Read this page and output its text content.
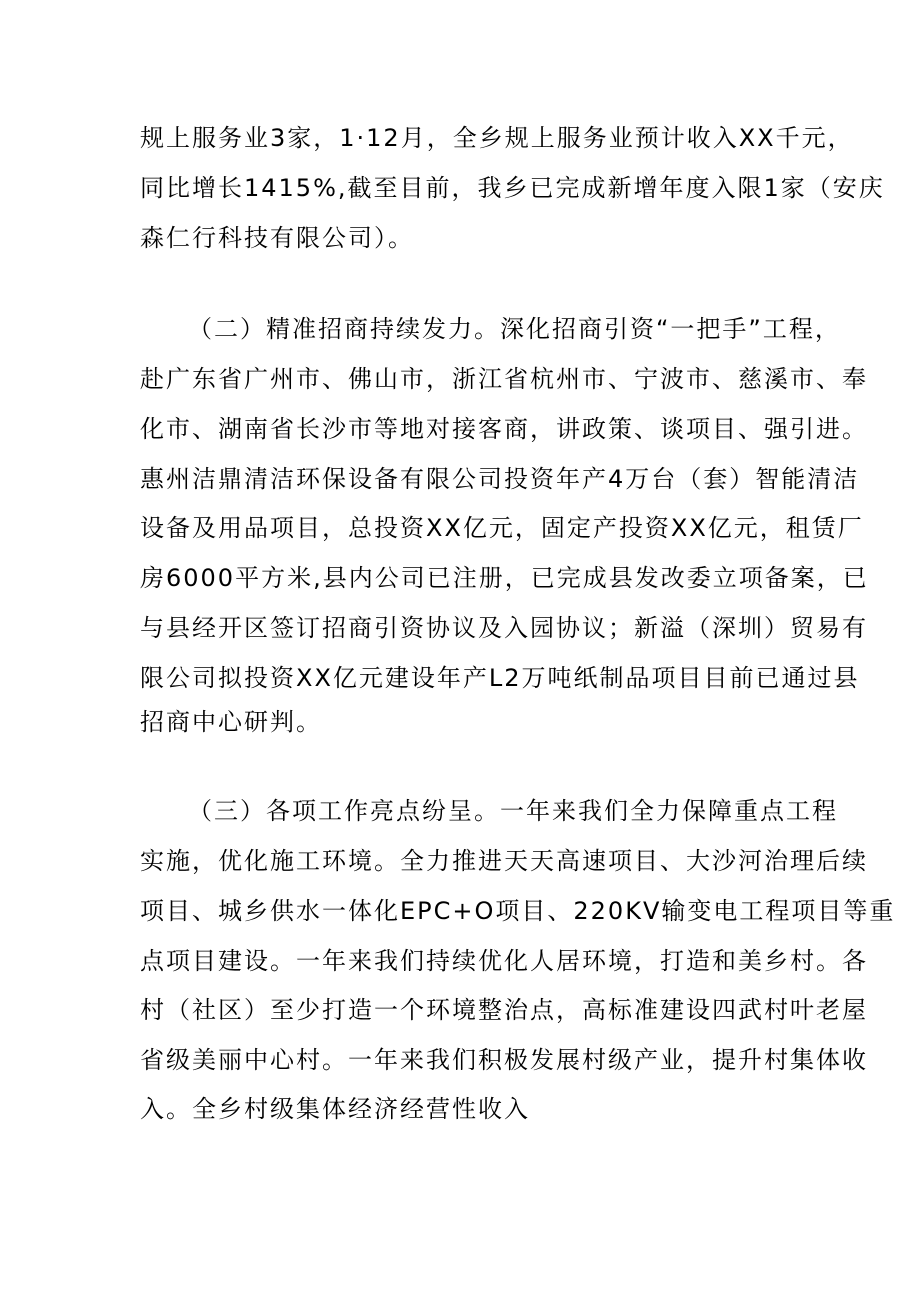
规上服务业3家，1·12月，全乡规上服务业预计收入XX千元，
同比增长1415%,截至目前，我乡已完成新增年度入限1家（安庆
森仁行科技有限公司）。
（二）精准招商持续发力。深化招商引资“一把手”工程，
赴广东省广州市、佛山市，浙江省杭州市、宁波市、慈溪市、奉
化市、湖南省长沙市等地对接客商，讲政策、谈项目、强引进。
惠州洁鼎清洁环保设备有限公司投资年产4万台（套）智能清洁
设备及用品项目，总投资XX亿元，固定产投资XX亿元，租赁厂
房6000平方米,县内公司已注册，已完成县发改委立项备案，已
与县经开区签订招商引资协议及入园协议；新溢（深圳）贸易有
限公司拟投资XX亿元建设年产L2万吨纸制品项目目前已通过县
招商中心研判。
（三）各项工作亮点纷呈。一年来我们全力保障重点工程
实施，优化施工环境。全力推进天天高速项目、大沙河治理后续
项目、城乡供水一体化EPC+O项目、220KV输变电工程项目等重
点项目建设。一年来我们持续优化人居环境，打造和美乡村。各
村（社区）至少打造一个环境整治点，高标准建设四武村叶老屋
省级美丽中心村。一年来我们积极发展村级产业，提升村集体收
入。全乡村级集体经济经营性收入
